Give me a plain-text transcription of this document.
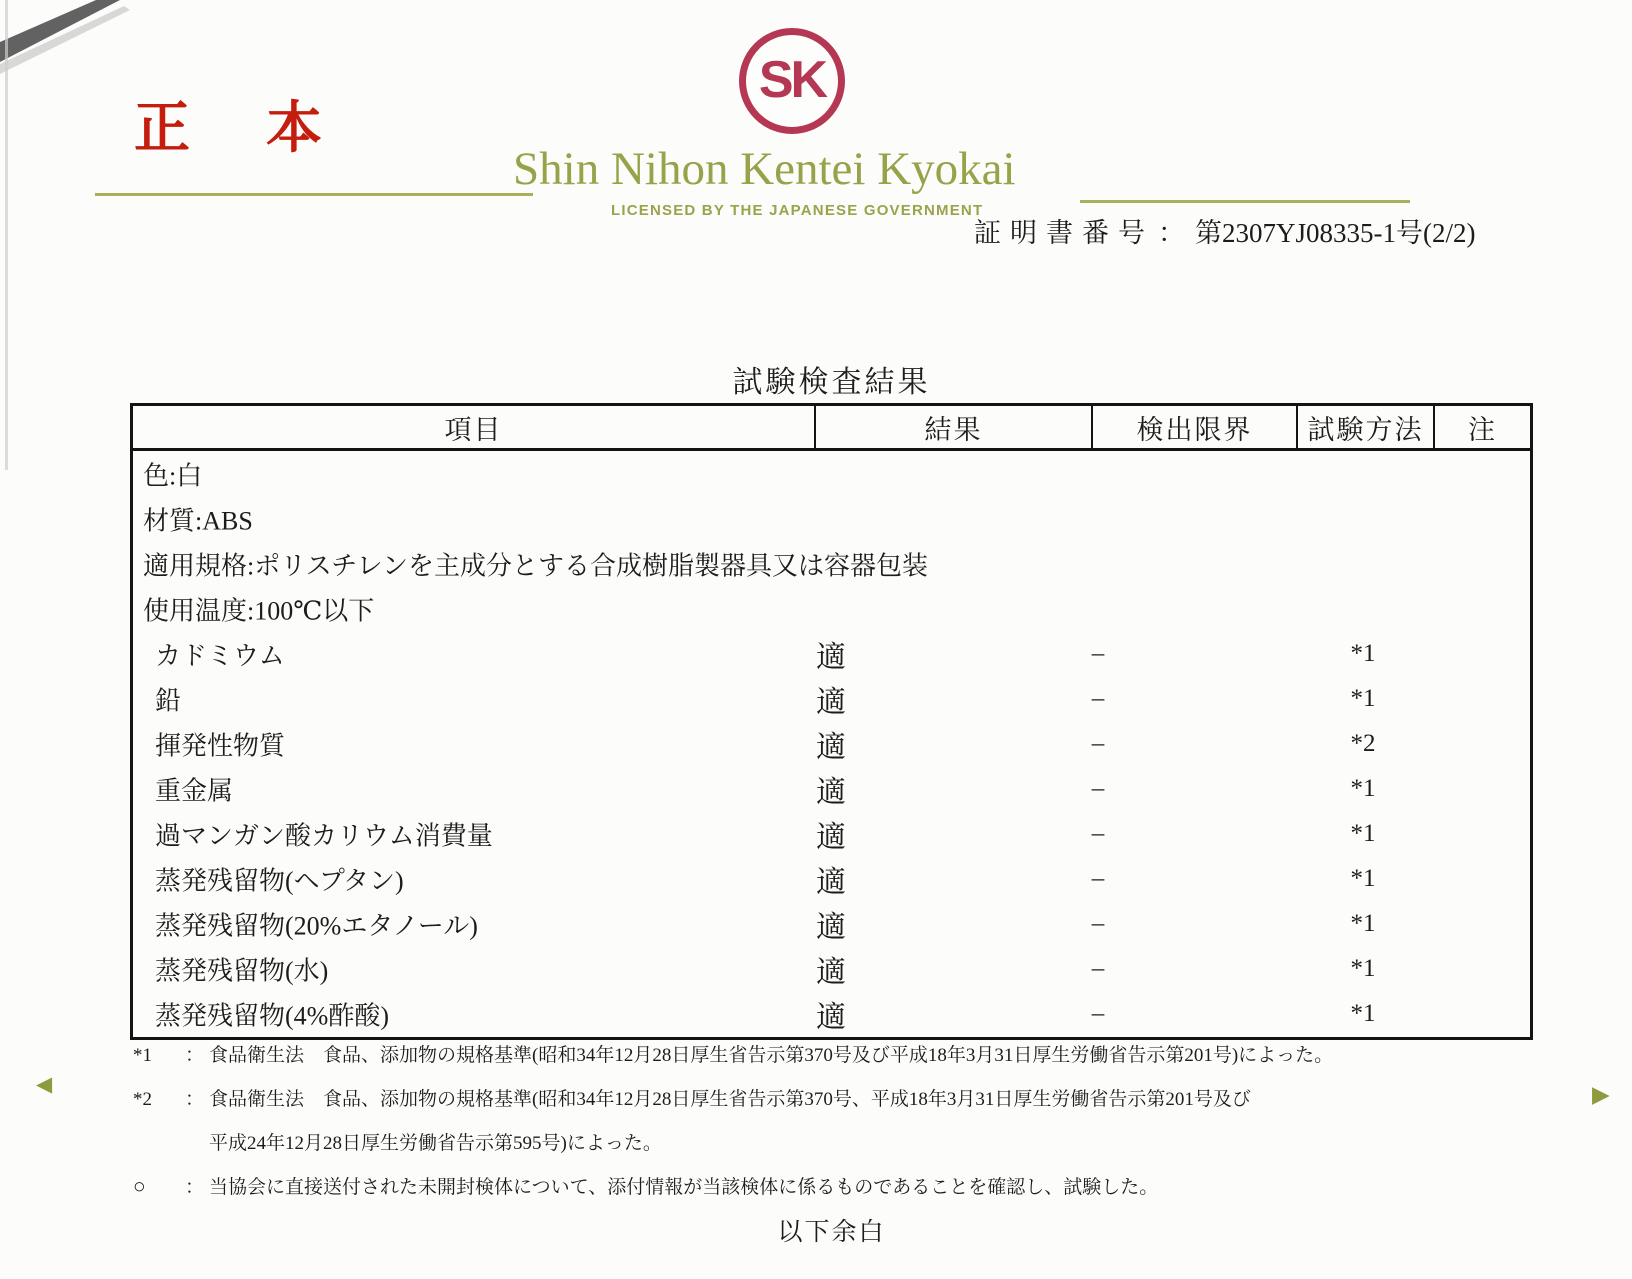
正本
SK
Shin Nihon Kentei Kyokai
LICENSED BY THE JAPANESE GOVERNMENT
証明書番号 ： 第2307YJ08335-1号(2/2)
試験検査結果
項目	結果	検出限界	試験方法	注
色:白
材質:ABS
適用規格:ポリスチレンを主成分とする合成樹脂製器具又は容器包装
使用温度:100℃以下
カドミウム	適	–	*1
鉛	適	–	*1
揮発性物質	適	–	*2
重金属	適	–	*1
過マンガン酸カリウム消費量	適	–	*1
蒸発残留物(ヘプタン)	適	–	*1
蒸発残留物(20%エタノール)	適	–	*1
蒸発残留物(水)	適	–	*1
蒸発残留物(4%酢酸)	適	–	*1
*1 ： 食品衛生法　食品、添加物の規格基準(昭和34年12月28日厚生省告示第370号及び平成18年3月31日厚生労働省告示第201号)によった。
*2 ： 食品衛生法　食品、添加物の規格基準(昭和34年12月28日厚生省告示第370号、平成18年3月31日厚生労働省告示第201号及び
平成24年12月28日厚生労働省告示第595号)によった。
○ ： 当協会に直接送付された未開封検体について、添付情報が当該検体に係るものであることを確認し、試験した。
以下余白
◀	▶
